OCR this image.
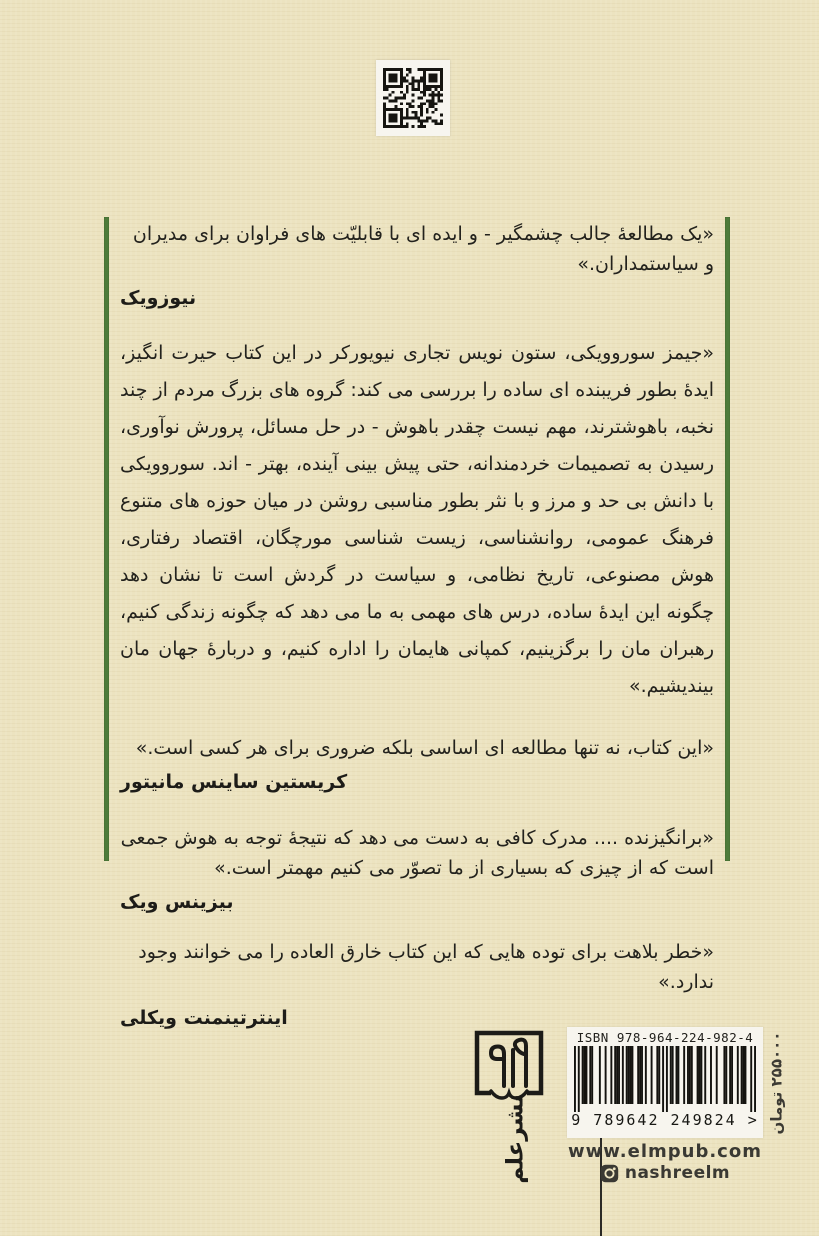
«یک مطالعهٔ جالب چشمگیر - و ایده ای با قابلیّت های فراوان برای مدیران و سیاستمداران.»

نیوزویک

«جیمز سوروویکی، ستون نویس تجاری نیویورکر در این کتاب حیرت انگیز، ایدهٔ بطور فریبنده ای ساده را بررسی می کند: گروه های بزرگ مردم از چند نخبه، باهوشترند، مهم نیست چقدر باهوش - در حل مسائل، پرورش نوآوری، رسیدن به تصمیمات خردمندانه، حتی پیش بینی آینده، بهتر - اند. سوروویکی با دانش بی حد و مرز و با نثر بطور مناسبی روشن در میان حوزه های متنوع فرهنگ عمومی، روانشناسی، زیست شناسی مورچگان، اقتصاد رفتاری، هوش مصنوعی، تاریخ نظامی، و سیاست در گردش است تا نشان دهد چگونه این ایدهٔ ساده، درس های مهمی به ما می دهد که چگونه زندگی کنیم، رهبران مان را برگزینیم، کمپانی هایمان را اداره کنیم، و دربارهٔ جهان مان بیندیشیم.»

«این کتاب، نه تنها مطالعه ای اساسی بلکه ضروری برای هر کسی است.»

کریستین ساینس مانیتور

«برانگیزنده .... مدرک کافی به دست می دهد که نتیجهٔ توجه به هوش جمعی است که از چیزی که بسیاری از ما تصوّر می کنیم مهمتر است.»

بیزینس ویک

«خطر بلاهت برای توده هایی که این کتاب خارق العاده را می خوانند وجود ندارد.»

اینترتینمنت ویکلی

نشرعلم
ISBN 978-964-224-982-4
9 789642 249824 > ۲۵۵۰۰۰ تومان
www.elmpub.com
nashreelm
